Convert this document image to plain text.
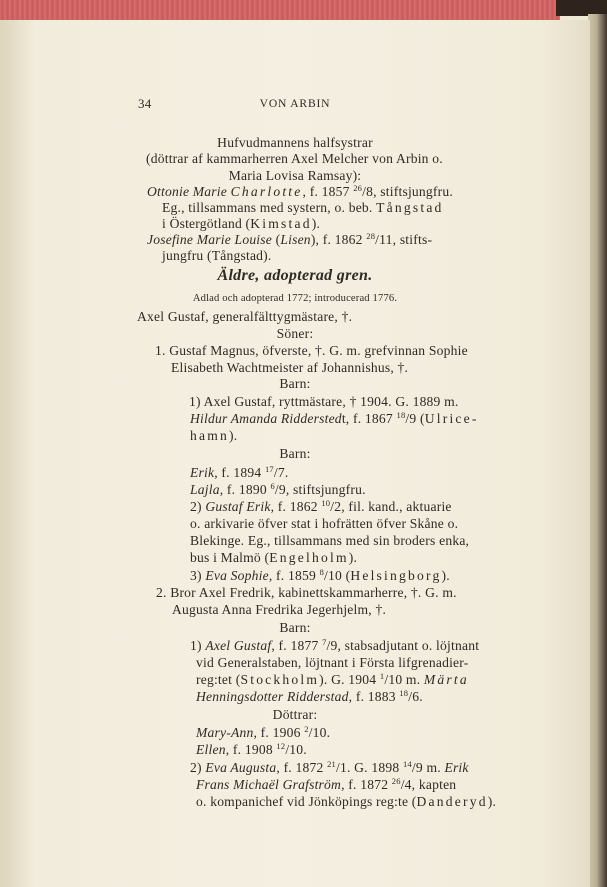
34	VON ARBIN
Hufvudmannens halfsystrar
(döttrar af kammarherren Axel Melcher von Arbin o.
Maria Lovisa Ramsay):
Ottonie Marie Charlotte, f. 1857 $^{26}$/8, stiftsjungfru.
Eg., tillsammans med systern, o. beb. Tångstad
i Östergötland (Kimstad).
Josefine Marie Louise (Lisen), f. 1862 $^{28}$/11, stifts-
jungfru (Tångstad).
Äldre, adopterad gren.
Adlad och adopterad 1772; introducerad 1776.
Axel Gustaf, generalfälttygmästare, †.
Söner:
1. Gustaf Magnus, öfverste, †. G. m. grefvinnan Sophie
Elisabeth Wachtmeister af Johannishus, †.
Barn:
1) Axel Gustaf, ryttmästare, † 1904. G. 1889 m.
Hildur Amanda Ridderstedt, f. 1867 $^{18}$/9 (Ulrice-
hamn).
Barn:
Erik, f. 1894 $^{17}$/7.
Lajla, f. 1890 $^6$/9, stiftsjungfru.
2) Gustaf Erik, f. 1862 $^{10}$/2, fil. kand., aktuarie
o. arkivarie öfver stat i hofrätten öfver Skåne o.
Blekinge. Eg., tillsammans med sin broders enka,
bus i Malmö (Engelholm).
3) Eva Sophie, f. 1859 $^8$/10 (Helsingborg).
2. Bror Axel Fredrik, kabinettskammarherre, †. G. m.
Augusta Anna Fredrika Jegerhjelm, †.
Barn:
1) Axel Gustaf, f. 1877 $^7$/9, stabsadjutant o. löjtnant
vid Generalstaben, löjtnant i Första lifgrenadier-
reg:tet (Stockholm). G. 1904 $^1$/10 m. Märta
Henningsdotter Ridderstad, f. 1883 $^{18}$/6.
Döttrar:
Mary-Ann, f. 1906 $^2$/10.
Ellen, f. 1908 $^{12}$/10.
2) Eva Augusta, f. 1872 $^{21}$/1. G. 1898 $^{14}$/9 m. Erik
Frans Michaël Grafström, f. 1872 $^{26}$/4, kapten
o. kompanichef vid Jönköpings reg:te (Danderyd).
